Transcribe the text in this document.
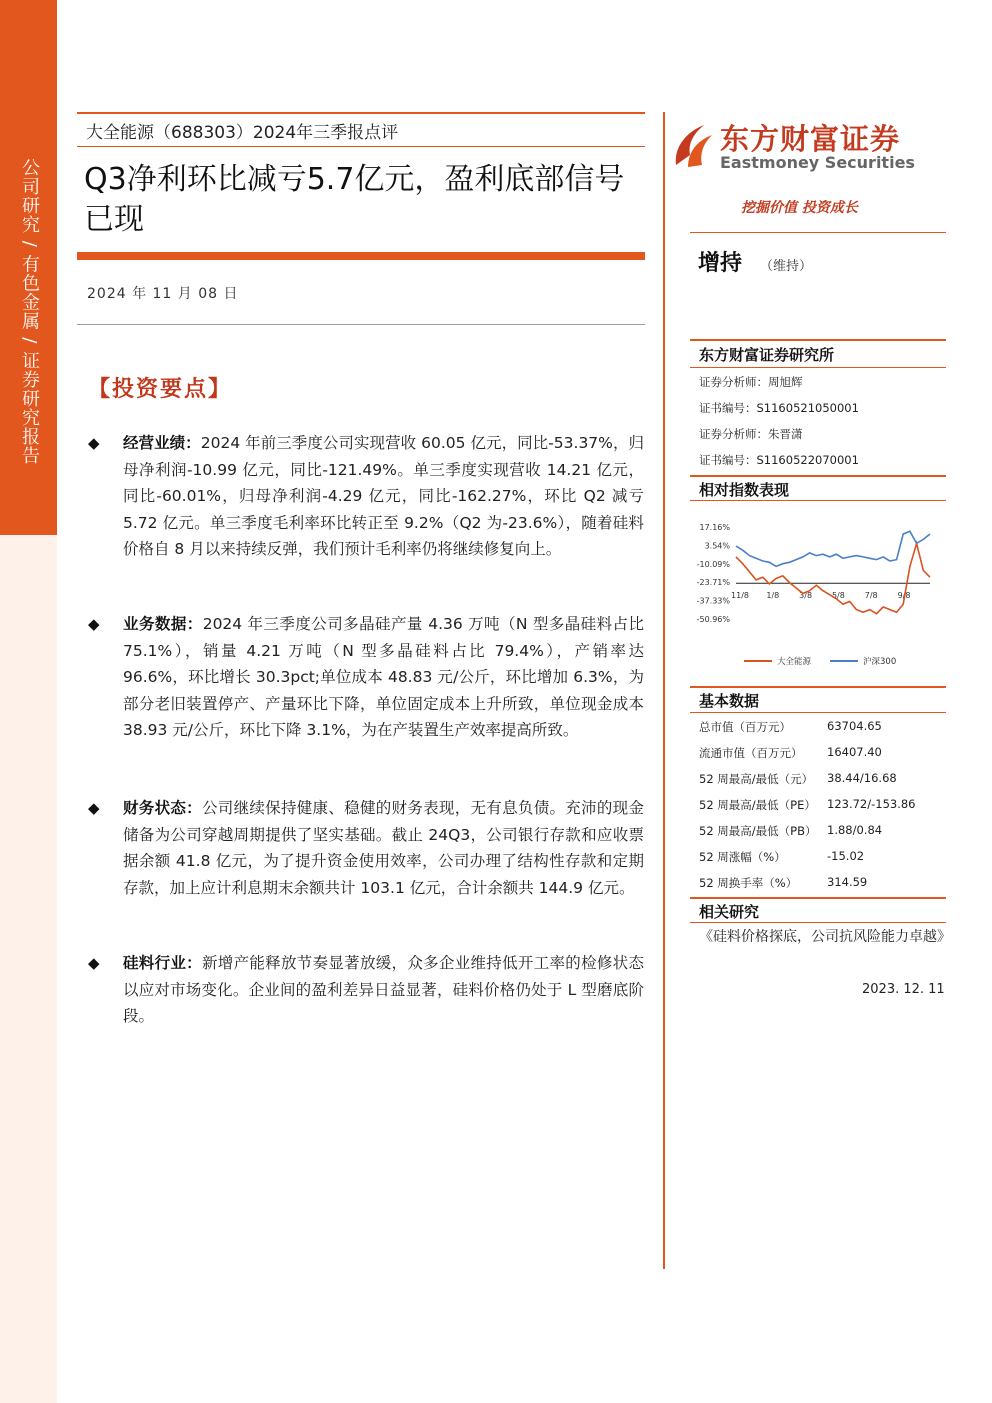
公司研究 / 有色金属 / 证券研究报告
大全能源（688303）2024年三季报点评
Q3净利环比减亏5.7亿元，盈利底部信号已现
2024 年 11 月 08 日
【投资要点】
◆ 经营业绩：2024 年前三季度公司实现营收 60.05 亿元，同比-53.37%，归母净利润-10.99 亿元，同比-121.49%。单三季度实现营收 14.21 亿元，同比-60.01%，归母净利润-4.29 亿元，同比-162.27%，环比 Q2 减亏 5.72 亿元。单三季度毛利率环比转正至 9.2%（Q2 为-23.6%），随着硅料价格自 8 月以来持续反弹，我们预计毛利率仍将继续修复向上。
◆ 业务数据：2024 年三季度公司多晶硅产量 4.36 万吨（N 型多晶硅料占比 75.1%），销量 4.21 万吨（N 型多晶硅料占比 79.4%），产销率达 96.6%，环比增长 30.3pct;单位成本 48.83 元/公斤，环比增加 6.3%，为部分老旧装置停产、产量环比下降，单位固定成本上升所致，单位现金成本 38.93 元/公斤，环比下降 3.1%，为在产装置生产效率提高所致。
◆ 财务状态：公司继续保持健康、稳健的财务表现，无有息负债。充沛的现金储备为公司穿越周期提供了坚实基础。截止 24Q3，公司银行存款和应收票据余额 41.8 亿元，为了提升资金使用效率，公司办理了结构性存款和定期存款，加上应计利息期末余额共计 103.1 亿元，合计余额共 144.9 亿元。
◆ 硅料行业：新增产能释放节奏显著放缓，众多企业维持低开工率的检修状态以应对市场变化。企业间的盈利差异日益显著，硅料价格仍处于 L 型磨底阶段。
东方财富证券
Eastmoney Securities
挖掘价值 投资成长
增持 （维持）
东方财富证券研究所
证券分析师：周旭辉
证书编号：S1160521050001
证券分析师：朱晋潇
证书编号：S1160522070001
相对指数表现
17.16%
3.54%
-10.09%
-23.71%
-37.33%
-50.96%
11/8 1/8 3/8 5/8 7/8 9/8
大全能源	沪深300
基本数据
总市值（百万元）	63704.65
流通市值（百万元） 16407.40
52 周最高/最低（元） 38.44/16.68
52 周最高/最低（PE） 123.72/-153.86
52 周最高/最低（PB） 1.88/0.84
52 周涨幅（%）	-15.02
52 周换手率（%）	314.59
相关研究
《硅料价格探底，公司抗风险能力卓越》
2023. 12. 11
